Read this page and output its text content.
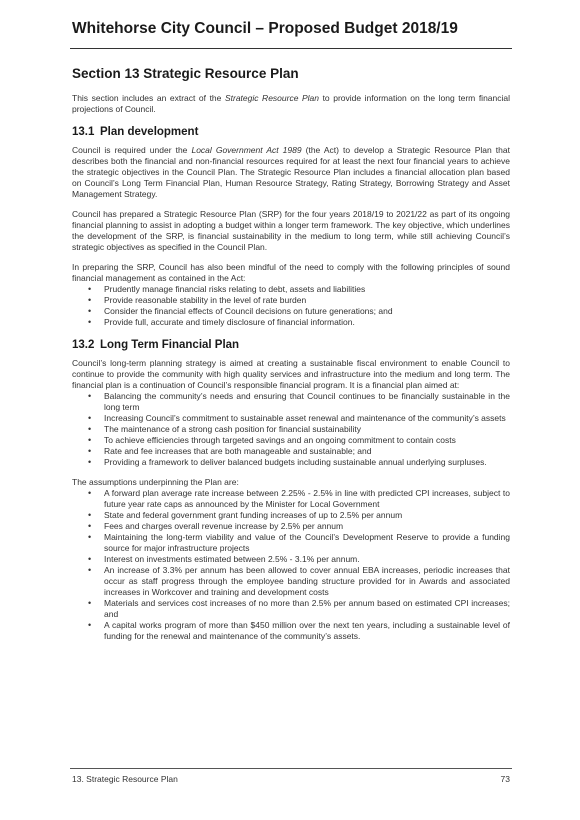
Whitehorse City Council – Proposed Budget 2018/19
Section 13 Strategic Resource Plan

This section includes an extract of the Strategic Resource Plan to provide information on the long term financial projections of Council.

13.1 Plan development

Council is required under the Local Government Act 1989 (the Act) to develop a Strategic Resource Plan that describes both the financial and non-financial resources required for at least the next four financial years to achieve the strategic objectives in the Council Plan. The Strategic Resource Plan includes a financial allocation plan based on Council’s Long Term Financial Plan, Human Resource Strategy, Rating Strategy, Borrowing Strategy and Asset Management Strategy.

Council has prepared a Strategic Resource Plan (SRP) for the four years 2018/19 to 2021/22 as part of its ongoing financial planning to assist in adopting a budget within a longer term framework. The key objective, which underlines the development of the SRP, is financial sustainability in the medium to long term, while still achieving Council’s strategic objectives as specified in the Council Plan.

In preparing the SRP, Council has also been mindful of the need to comply with the following principles of sound financial management as contained in the Act:

• Prudently manage financial risks relating to debt, assets and liabilities
• Provide reasonable stability in the level of rate burden
• Consider the financial effects of Council decisions on future generations; and
• Provide full, accurate and timely disclosure of financial information.
13.2 Long Term Financial Plan

Council’s long-term planning strategy is aimed at creating a sustainable fiscal environment to enable Council to continue to provide the community with high quality services and infrastructure into the medium and long term. The financial plan is a continuation of Council’s responsible financial program. It is a financial plan aimed at:

• Balancing the community’s needs and ensuring that Council continues to be financially sustainable in the long term
• Increasing Council’s commitment to sustainable asset renewal and maintenance of the community’s assets
• The maintenance of a strong cash position for financial sustainability
• To achieve efficiencies through targeted savings and an ongoing commitment to contain costs
• Rate and fee increases that are both manageable and sustainable; and
• Providing a framework to deliver balanced budgets including sustainable annual underlying surpluses.

The assumptions underpinning the Plan are:

• A forward plan average rate increase between 2.25% - 2.5% in line with predicted CPI increases, subject to future year rate caps as announced by the Minister for Local Government
• State and federal government grant funding increases of up to 2.5% per annum
• Fees and charges overall revenue increase by 2.5% per annum
• Maintaining the long-term viability and value of the Council’s Development Reserve to provide a funding source for major infrastructure projects
• Interest on investments estimated between 2.5% - 3.1% per annum.
• An increase of 3.3% per annum has been allowed to cover annual EBA increases, periodic increases that occur as staff progress through the employee banding structure provided for in Awards and associated increases in Workcover and training and development costs
• Materials and services cost increases of no more than 2.5% per annum based on estimated CPI increases; and
• A capital works program of more than $450 million over the next ten years, including a sustainable level of funding for the renewal and maintenance of the community’s assets.
13. Strategic Resource Plan	73
